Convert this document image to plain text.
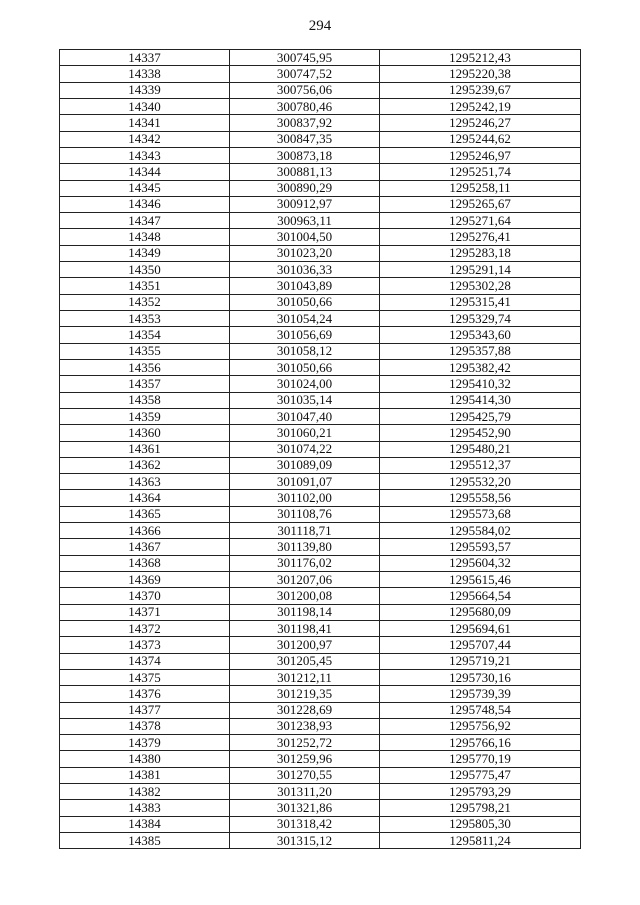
294
14337	300745,95	1295212,43
14338	300747,52	1295220,38
14339	300756,06	1295239,67
14340	300780,46	1295242,19
14341	300837,92	1295246,27
14342	300847,35	1295244,62
14343	300873,18	1295246,97
14344	300881,13	1295251,74
14345	300890,29	1295258,11
14346	300912,97	1295265,67
14347	300963,11	1295271,64
14348	301004,50	1295276,41
14349	301023,20	1295283,18
14350	301036,33	1295291,14
14351	301043,89	1295302,28
14352	301050,66	1295315,41
14353	301054,24	1295329,74
14354	301056,69	1295343,60
14355	301058,12	1295357,88
14356	301050,66	1295382,42
14357	301024,00	1295410,32
14358	301035,14	1295414,30
14359	301047,40	1295425,79
14360	301060,21	1295452,90
14361	301074,22	1295480,21
14362	301089,09	1295512,37
14363	301091,07	1295532,20
14364	301102,00	1295558,56
14365	301108,76	1295573,68
14366	301118,71	1295584,02
14367	301139,80	1295593,57
14368	301176,02	1295604,32
14369	301207,06	1295615,46
14370	301200,08	1295664,54
14371	301198,14	1295680,09
14372	301198,41	1295694,61
14373	301200,97	1295707,44
14374	301205,45	1295719,21
14375	301212,11	1295730,16
14376	301219,35	1295739,39
14377	301228,69	1295748,54
14378	301238,93	1295756,92
14379	301252,72	1295766,16
14380	301259,96	1295770,19
14381	301270,55	1295775,47
14382	301311,20	1295793,29
14383	301321,86	1295798,21
14384	301318,42	1295805,30
14385	301315,12	1295811,24
